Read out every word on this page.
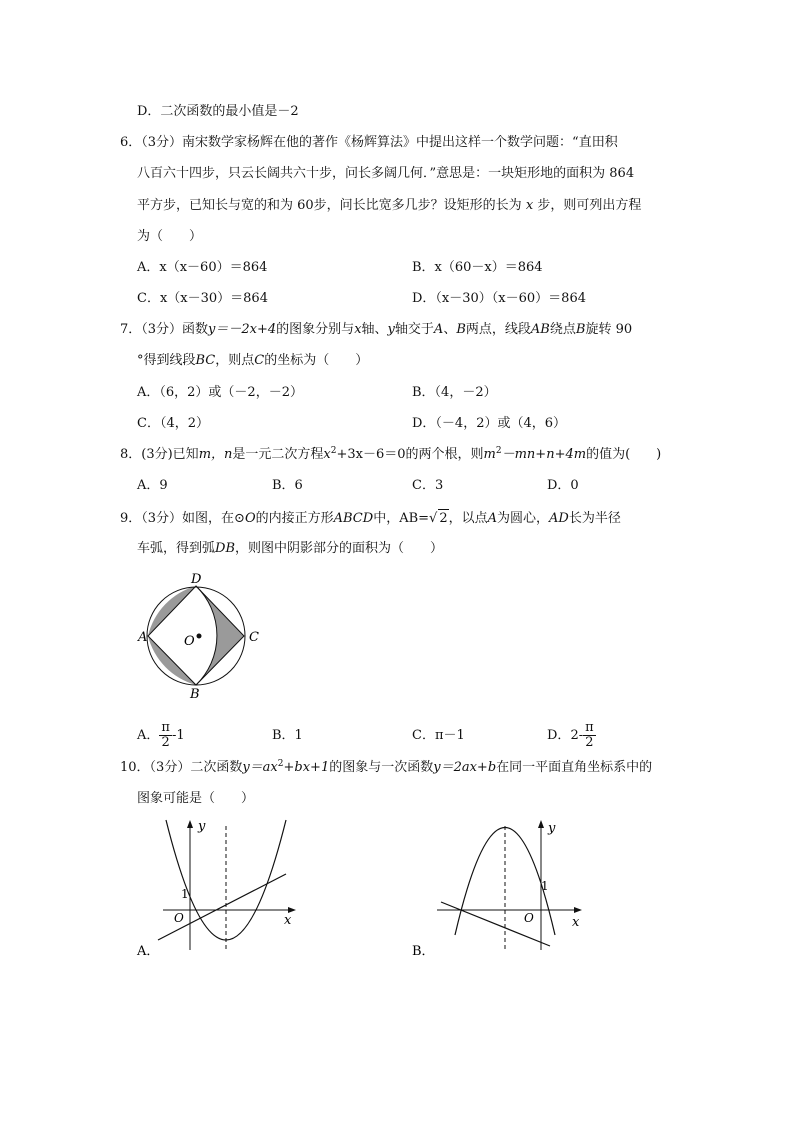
D．二次函数的最小值是－2
6．（3分）南宋数学家杨辉在他的著作《杨辉算法》中提出这样一个数学问题：“直田积
八百六十四步，只云长阔共六十步，问长多阔几何．”意思是：一块矩形地的面积为 864
平方步，已知长与宽的和为 60步，问长比宽多几步？设矩形的长为 x 步，则可列出方程
为（　　）
A．x（x－60）＝864	B．x（60－x）＝864
C．x（x－30）＝864	D．（x－30）（x－60）＝864
7．（3分）函数y＝－2x+4的图象分别与x轴、y轴交于A、B两点，线段AB绕点B旋转 90
°得到线段BC，则点C的坐标为（　　）
A．（6，2）或（－2，－2）	B．（4，－2）
C．（4，2）	D．（－4，2）或（4，6）
8．(3分)已知m，n是一元二次方程$x^2+3x-6=0$的两个根，则$m^2-mn+n+4m$的值为(　　)
A．9	B．6	C．3	D．0
9．（3分）如图，在⊙O的内接正方形ABCD中，AB=√ 2，以点A为圆心，AD长为半径
车弧，得到弧DB，则图中阴影部分的面积为（　　）
A
B
C
D
O
A． $\frac{\pi}{2} -1$	B．1	C．π－1	D．$2- \frac{\pi}{2}$
10．（3分）二次函数$y=ax^2+bx+1$的图象与一次函数y＝2ax+b在同一平面直角坐标系中的
图象可能是（　　）
y
x
O
1
A．
y
x
O
1
B．
